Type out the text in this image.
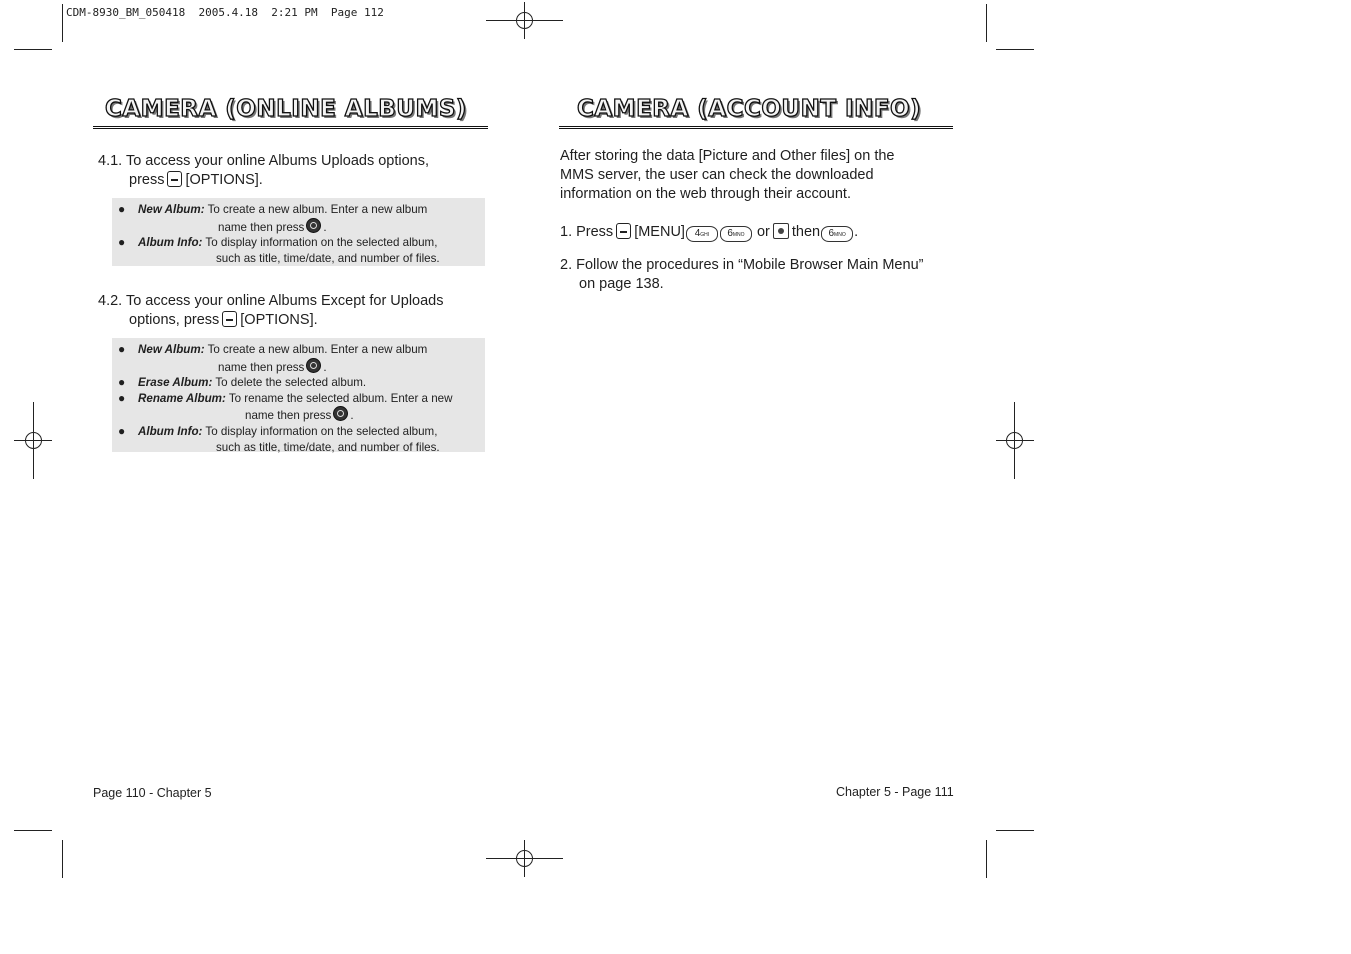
CDM-8930_BM_050418  2005.4.18  2:21 PM  Page 112
CAMERA (ONLINE ALBUMS)
4.1. To access your online Albums Uploads options,
press [OPTIONS].
●	New Album: To create a new album. Enter a new album
name then press .
●	Album Info: To display information on the selected album,
such as title, time/date, and number of files.
4.2. To access your online Albums Except for Uploads
options, press [OPTIONS].
●	New Album: To create a new album. Enter a new album
name then press .
●	Erase Album: To delete the selected album.
●	Rename Album: To rename the selected album. Enter a new
name then press .
●	Album Info: To display information on the selected album,
such as title, time/date, and number of files.
Page 110 - Chapter 5
CAMERA (ACCOUNT INFO)
After storing the data [Picture and Other files] on the
MMS server, the user can check the downloaded
information on the web through their account.
1. Press [MENU] 4GHI 6MNO or then 6MNO .
2. Follow the procedures in “Mobile Browser Main Menu”
on page 138.
Chapter 5 - Page 111
